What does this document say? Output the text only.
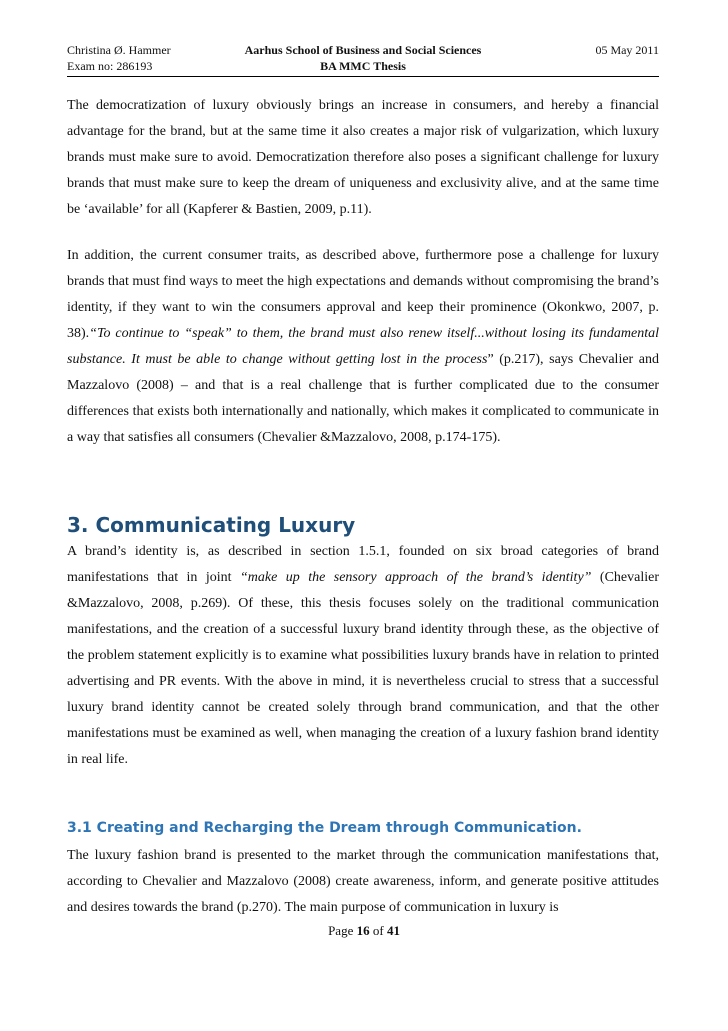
Christina Ø. Hammer
Exam no: 286193
Aarhus School of Business and Social Sciences
BA MMC Thesis
05 May 2011

The democratization of luxury obviously brings an increase in consumers, and hereby a financial advantage for the brand, but at the same time it also creates a major risk of vulgarization, which luxury brands must make sure to avoid. Democratization therefore also poses a significant challenge for luxury brands that must make sure to keep the dream of uniqueness and exclusivity alive, and at the same time be ‘available’ for all (Kapferer & Bastien, 2009, p.11).

In addition, the current consumer traits, as described above, furthermore pose a challenge for luxury brands that must find ways to meet the high expectations and demands without compromising the brand’s identity, if they want to win the consumers approval and keep their prominence (Okonkwo, 2007, p. 38).“To continue to “speak” to them, the brand must also renew itself...without losing its fundamental substance. It must be able to change without getting lost in the process” (p.217), says Chevalier and Mazzalovo (2008) – and that is a real challenge that is further complicated due to the consumer differences that exists both internationally and nationally, which makes it complicated to communicate in a way that satisfies all consumers (Chevalier &Mazzalovo, 2008, p.174-175).

3. Communicating Luxury

A brand’s identity is, as described in section 1.5.1, founded on six broad categories of brand manifestations that in joint “make up the sensory approach of the brand’s identity” (Chevalier &Mazzalovo, 2008, p.269). Of these, this thesis focuses solely on the traditional communication manifestations, and the creation of a successful luxury brand identity through these, as the objective of the problem statement explicitly is to examine what possibilities luxury brands have in relation to printed advertising and PR events. With the above in mind, it is nevertheless crucial to stress that a successful luxury brand identity cannot be created solely through brand communication, and that the other manifestations must be examined as well, when managing the creation of a luxury fashion brand identity in real life.

3.1 Creating and Recharging the Dream through Communication.

The luxury fashion brand is presented to the market through the communication manifestations that, according to Chevalier and Mazzalovo (2008) create awareness, inform, and generate positive attitudes and desires towards the brand (p.270). The main purpose of communication in luxury is

Page 16 of 41
